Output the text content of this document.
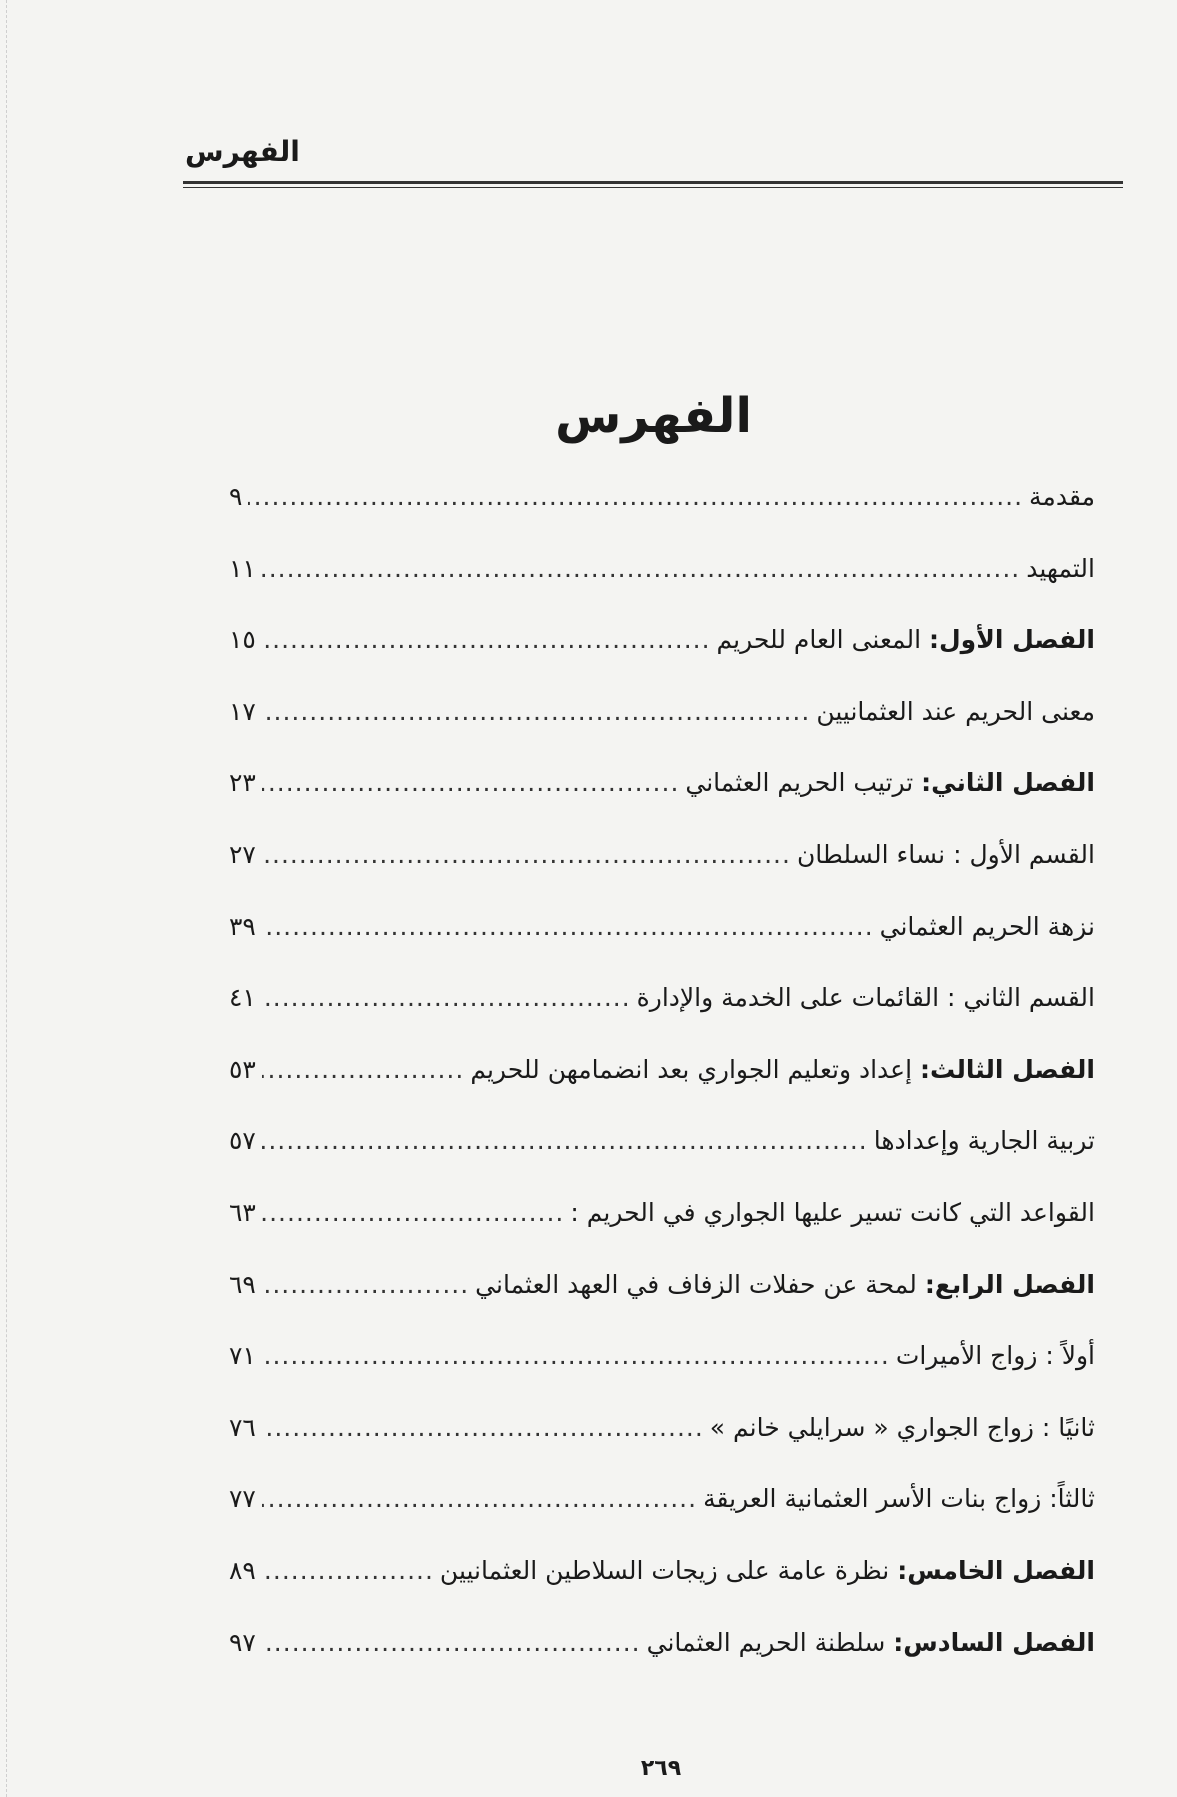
الفهرس
الفهرس
مقدمة
.....
٩
التمهيد
.....
١١
الفصل الأول: المعنى العام للحريم
.....
١٥
معنى الحريم عند العثمانيين
.....
١٧
الفصل الثاني: ترتيب الحريم العثماني
.....
٢٣
القسم الأول : نساء السلطان
.....
٢٧
نزهة الحريم العثماني
.....
٣٩
القسم الثاني : القائمات على الخدمة والإدارة
.....
٤١
الفصل الثالث: إعداد وتعليم الجواري بعد انضمامهن للحريم
.....
٥٣
تربية الجارية وإعدادها
.....
٥٧
القواعد التي كانت تسير عليها الجواري في الحريم :
.....
٦٣
الفصل الرابع: لمحة عن حفلات الزفاف في العهد العثماني
.....
٦٩
أولاً : زواج الأميرات
.....
٧١
ثانيًا : زواج الجواري « سرايلي خانم »
.....
٧٦
ثالثاً: زواج بنات الأسر العثمانية العريقة
.....
٧٧
الفصل الخامس: نظرة عامة على زيجات السلاطين العثمانيين
.....
٨٩
الفصل السادس: سلطنة الحريم العثماني
.....
٩٧
٢٦٩
